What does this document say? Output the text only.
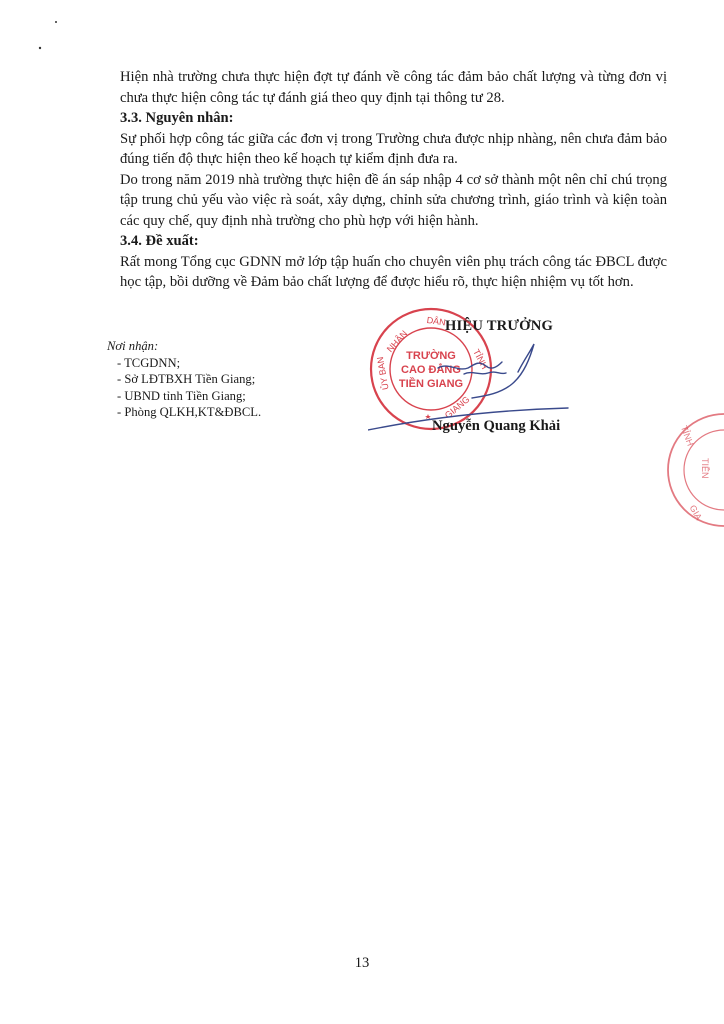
Hiện nhà trường chưa thực hiện đợt tự đánh về công tác đảm bảo chất lượng và từng đơn vị chưa thực hiện công tác tự đánh giá theo quy định tại thông tư 28.

3.3. Nguyên nhân:

Sự phối hợp công tác giữa các đơn vị trong Trường chưa được nhịp nhàng, nên chưa đảm bảo đúng tiến độ thực hiện theo kế hoạch tự kiểm định đưa ra.

Do trong năm 2019 nhà trường thực hiện đề án sáp nhập 4 cơ sở thành một nên chỉ chú trọng tập trung chủ yếu vào việc rà soát, xây dựng, chỉnh sửa chương trình, giáo trình và kiện toàn các quy chế, quy định nhà trường cho phù hợp với hiện hành.

3.4. Đề xuất:

Rất mong Tổng cục GDNN mở lớp tập huấn cho chuyên viên phụ trách công tác ĐBCL được học tập, bồi dưỡng về Đảm bảo chất lượng để được hiểu rõ, thực hiện nhiệm vụ tốt hơn.

Nơi nhận:
- TCGDNN;
- Sở LĐTBXH Tiền Giang;
- UBND tỉnh Tiền Giang;
- Phòng QLKH,KT&ĐBCL.
DÂN
NHÂN
TỈNH
ỦY BAN
GIANG
TRƯỜNG
CAO ĐẲNG
TIỀN GIANG
HIỆU TRƯỞNG
Nguyễn Quang Khải	TỈNH
TIỀN
GIA
13
